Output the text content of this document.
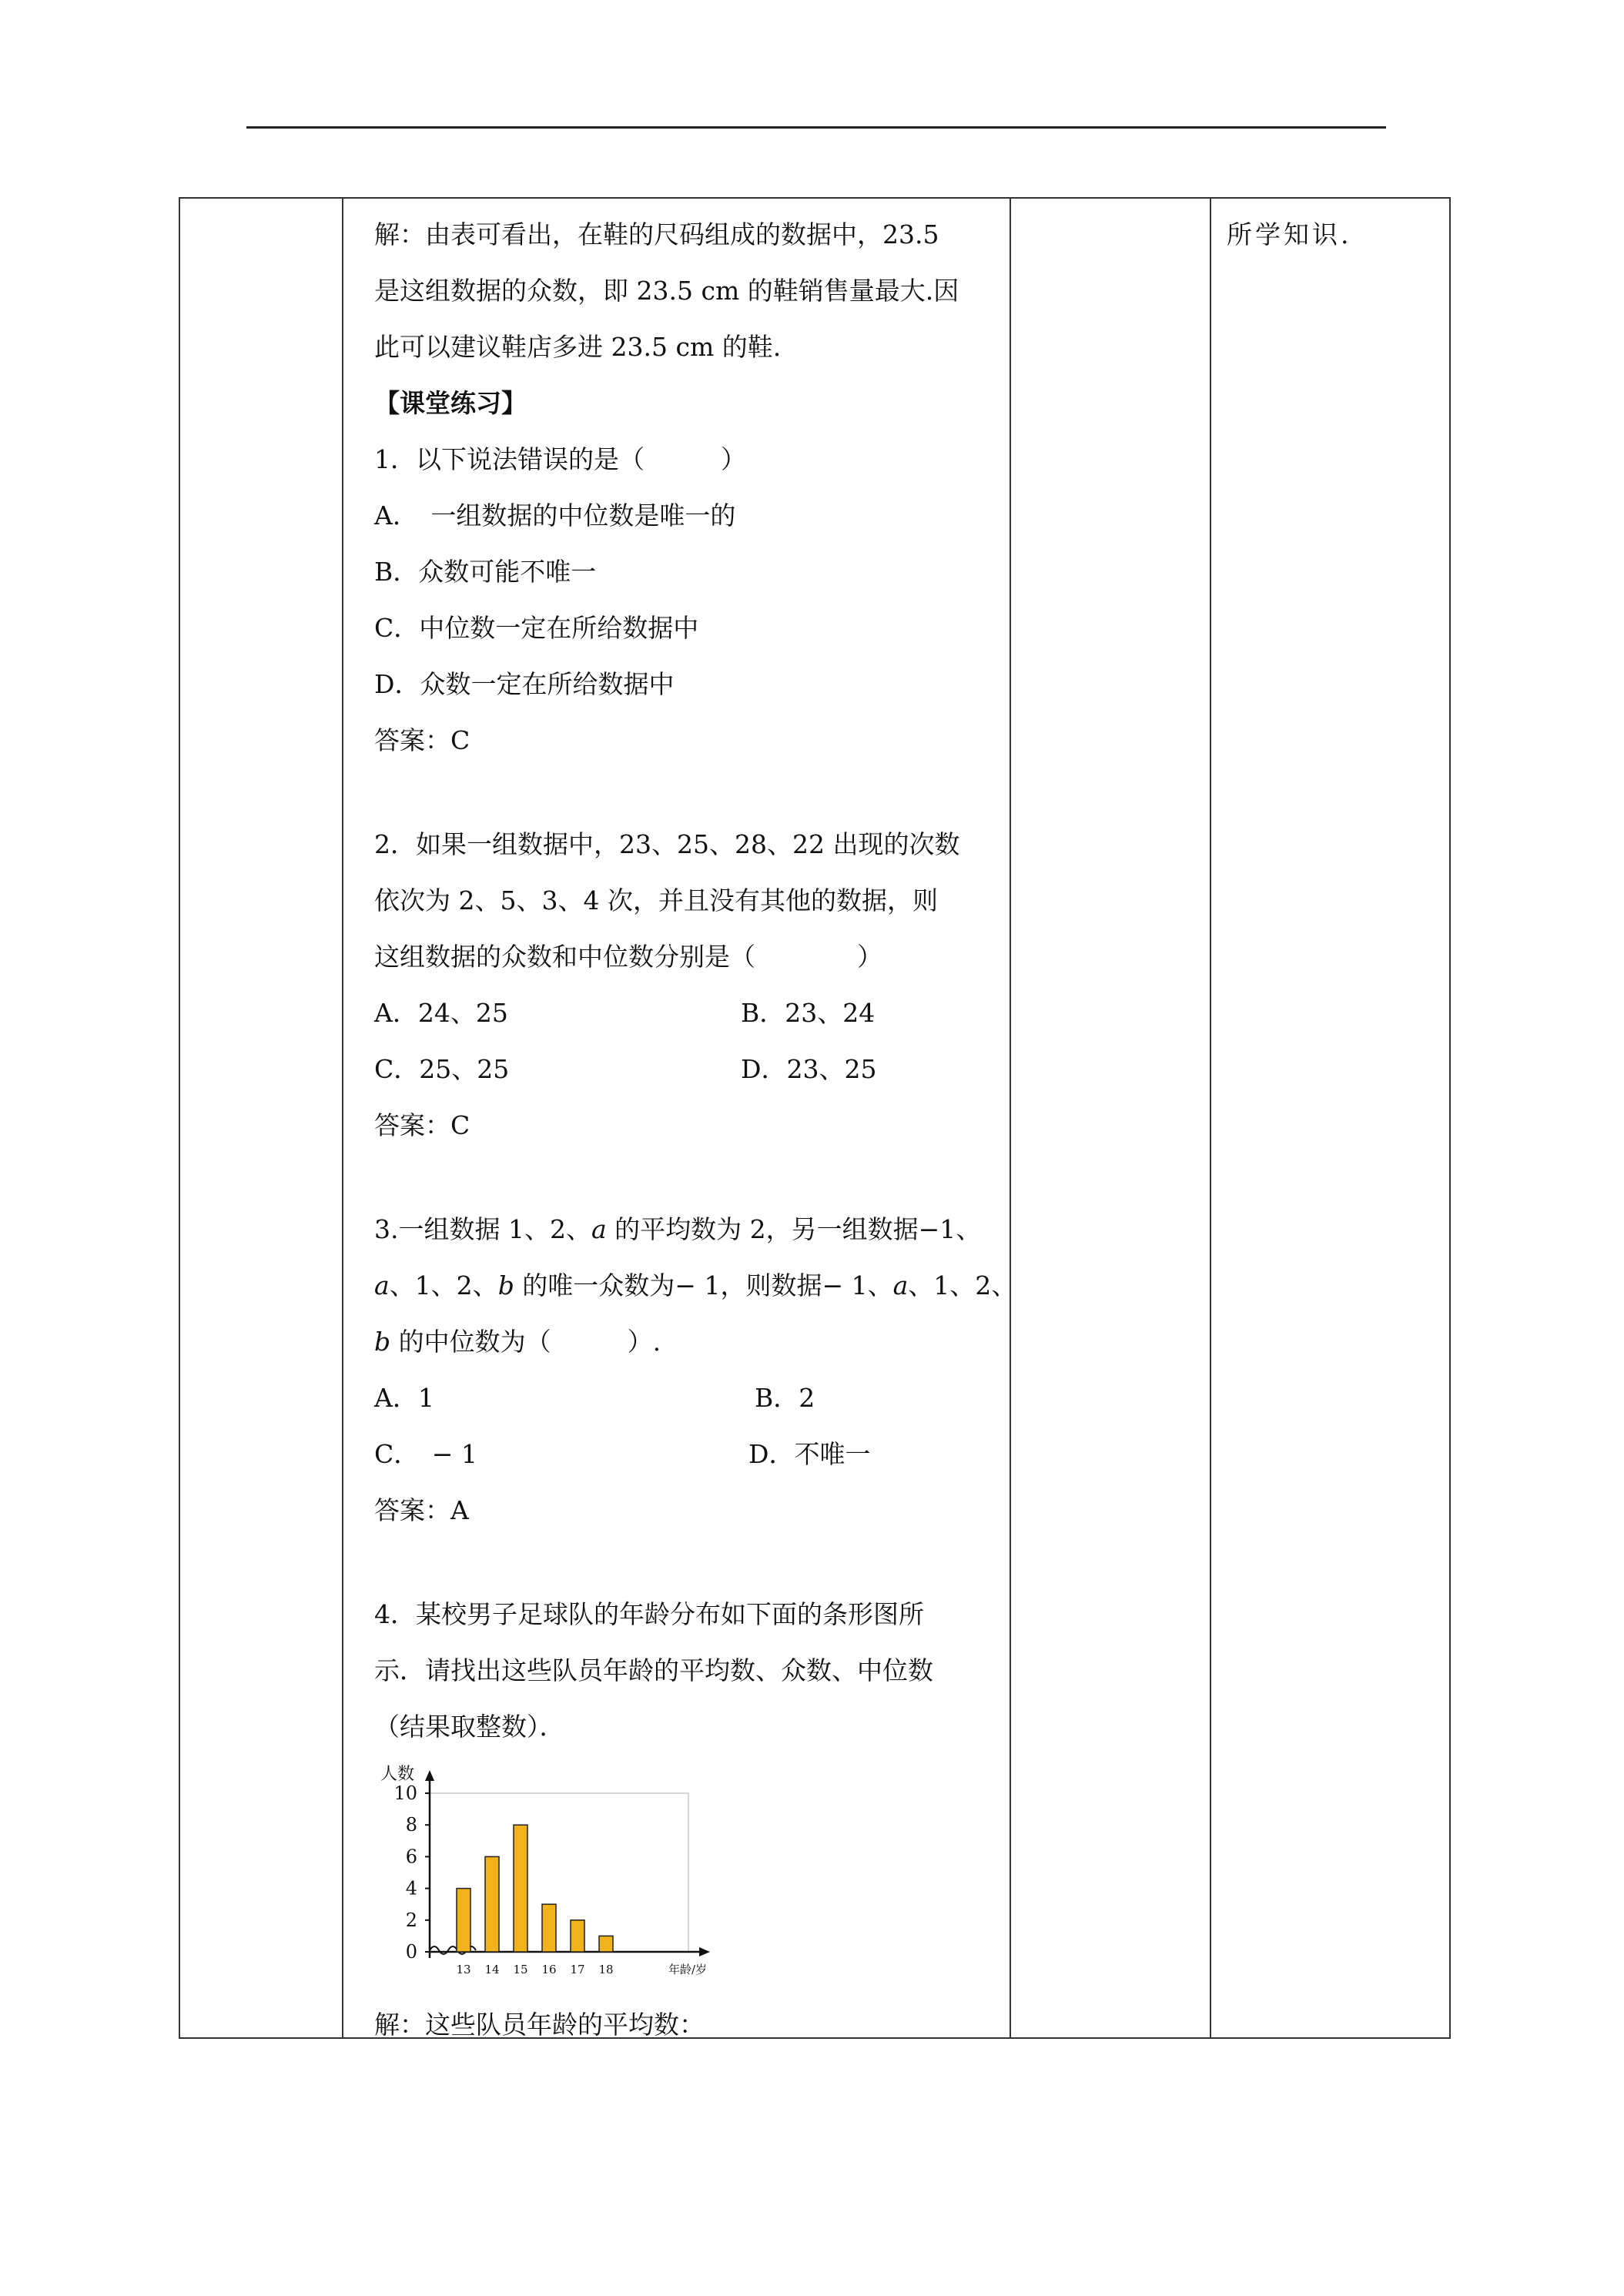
解：由表可看出，在鞋的尺码组成的数据中，23.5
是这组数据的众数，即 23.5 cm 的鞋销售量最大.因
此可以建议鞋店多进 23.5 cm 的鞋.
【课堂练习】
1．以下说法错误的是（　　　）
A．　一组数据的中位数是唯一的
B．众数可能不唯一
C．中位数一定在所给数据中
D．众数一定在所给数据中
答案：C
2．如果一组数据中，23、25、28、22 出现的次数
依次为 2、5、3、4 次，并且没有其他的数据，则
这组数据的众数和中位数分别是（　　　　）
A．24、25	B．23、24
C．25、25	D．23、25
答案：C
3.一组数据 1、2、a 的平均数为 2，另一组数据−1、
a、1、2、b 的唯一众数为− 1，则数据− 1、a、1、2、
b 的中位数为（　　　）.
A．1	B．2
C．　− 1	D．不唯一
答案：A
4．某校男子足球队的年龄分布如下面的条形图所
示．请找出这些队员年龄的平均数、众数、中位数
（结果取整数）．
人数
年龄/岁
0
2
4
6
8
10
13 14 15 16 17 18
解：这些队员年龄的平均数：
所学知识.
